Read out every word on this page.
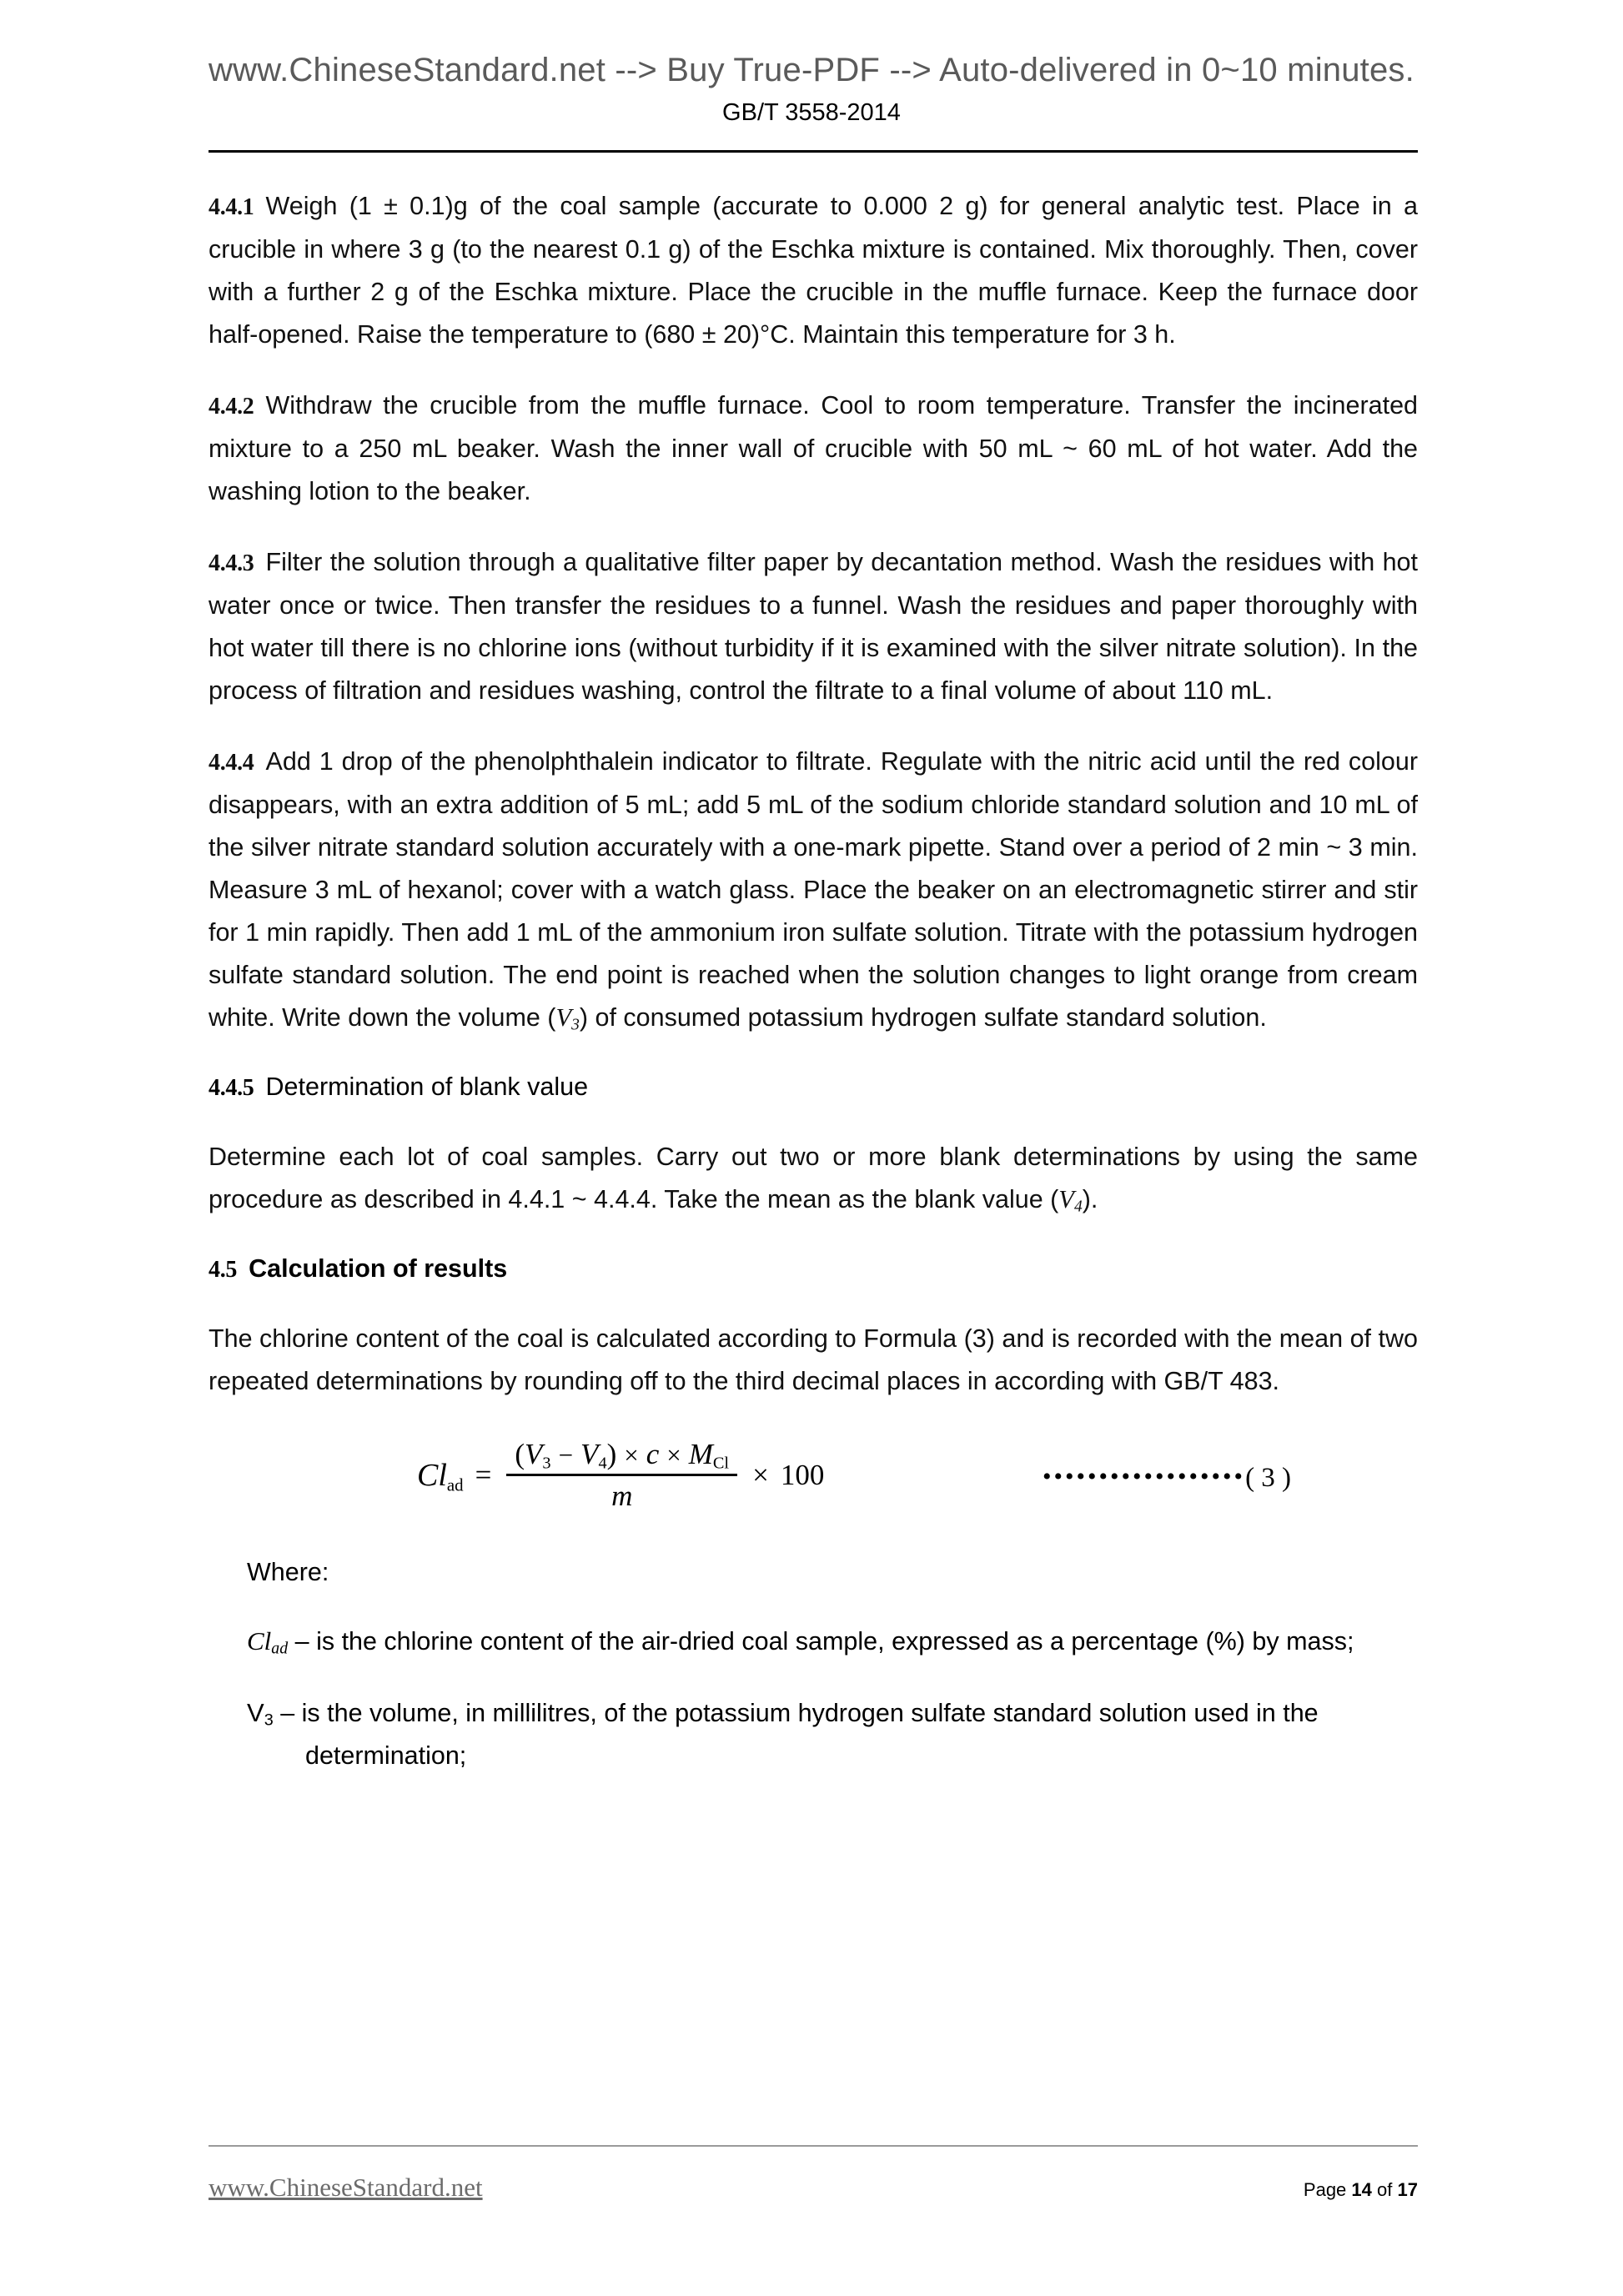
www.ChineseStandard.net --> Buy True-PDF --> Auto-delivered in 0~10 minutes.
GB/T 3558-2014

4.4.1 Weigh (1 ± 0.1)g of the coal sample (accurate to 0.000 2 g) for general analytic test. Place in a crucible in where 3 g (to the nearest 0.1 g) of the Eschka mixture is contained. Mix thoroughly. Then, cover with a further 2 g of the Eschka mixture. Place the crucible in the muffle furnace. Keep the furnace door half-opened. Raise the temperature to (680 ± 20)°C. Maintain this temperature for 3 h.

4.4.2 Withdraw the crucible from the muffle furnace. Cool to room temperature. Transfer the incinerated mixture to a 250 mL beaker. Wash the inner wall of crucible with 50 mL ~ 60 mL of hot water. Add the washing lotion to the beaker.

4.4.3 Filter the solution through a qualitative filter paper by decantation method. Wash the residues with hot water once or twice. Then transfer the residues to a funnel. Wash the residues and paper thoroughly with hot water till there is no chlorine ions (without turbidity if it is examined with the silver nitrate solution). In the process of filtration and residues washing, control the filtrate to a final volume of about 110 mL.

4.4.4 Add 1 drop of the phenolphthalein indicator to filtrate. Regulate with the nitric acid until the red colour disappears, with an extra addition of 5 mL; add 5 mL of the sodium chloride standard solution and 10 mL of the silver nitrate standard solution accurately with a one-mark pipette. Stand over a period of 2 min ~ 3 min. Measure 3 mL of hexanol; cover with a watch glass. Place the beaker on an electromagnetic stirrer and stir for 1 min rapidly. Then add 1 mL of the ammonium iron sulfate solution. Titrate with the potassium hydrogen sulfate standard solution. The end point is reached when the solution changes to light orange from cream white. Write down the volume $(V_3)$ of consumed potassium hydrogen sulfate standard solution.

4.4.5 Determination of blank value

Determine each lot of coal samples. Carry out two or more blank determinations by using the same procedure as described in 4.4.1 ~ 4.4.4. Take the mean as the blank value $(V_4)$.

4.5 Calculation of results

The chlorine content of the coal is calculated according to Formula (3) and is recorded with the mean of two repeated determinations by rounding off to the third decimal places in according with GB/T 483.

$Cl_{ad} = \frac{(V_3 - V_4) \times c \times M_{Cl}}{m} \times 100$	••••••••••••••••••( 3 )

Where:

$Cl_{ad}$ – is the chlorine content of the air-dried coal sample, expressed as a percentage (%) by mass;

$V_3$ – is the volume, in millilitres, of the potassium hydrogen sulfate standard solution used in the determination;

www.ChineseStandard.net	Page 14 of 17
